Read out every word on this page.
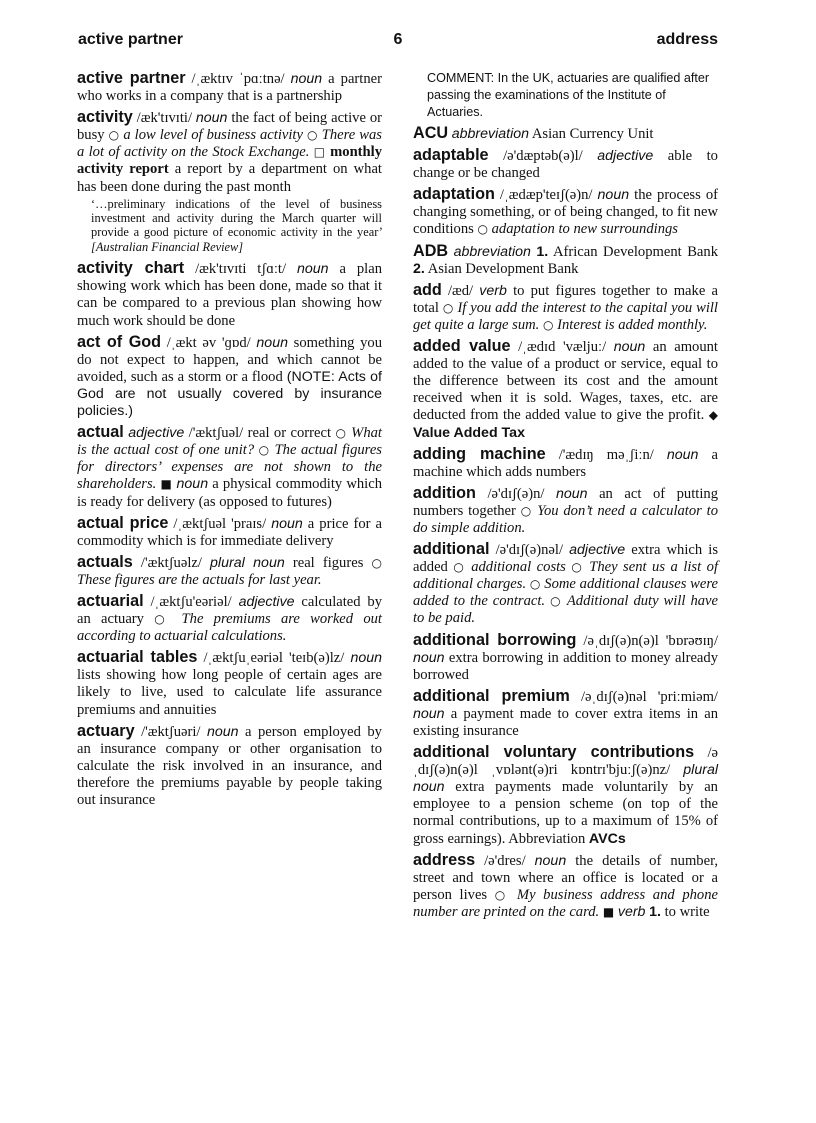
active partner	6	address

active partner /ˌæktɪv ˈpɑːtnə/ noun a partner who works in a company that is a partnership

activity /æk'tɪvɪti/ noun the fact of being active or busy ○ a low level of business activity ○ There was a lot of activity on the Stock Exchange. □ monthly activity report a report by a department on what has been done during the past month

‘…preliminary indications of the level of business investment and activity during the March quarter will provide a good picture of economic activity in the year’ [Australian Financial Review]

activity chart /æk'tɪvɪti tʃɑːt/ noun a plan showing work which has been done, made so that it can be compared to a previous plan showing how much work should be done

act of God /ˌækt əv 'ɡɒd/ noun something you do not expect to happen, and which cannot be avoided, such as a storm or a flood (NOTE: Acts of God are not usually covered by insurance policies.)

actual adjective /'æktʃuəl/ real or correct ○ What is the actual cost of one unit? ○ The actual figures for directors’ expenses are not shown to the shareholders. ■ noun a physical commodity which is ready for delivery (as opposed to futures)

actual price /ˌæktʃuəl 'praɪs/ noun a price for a commodity which is for immediate delivery

actuals /'æktʃuəlz/ plural noun real figures ○ These figures are the actuals for last year.

actuarial /ˌæktʃu'eəriəl/ adjective calculated by an actuary ○ The premiums are worked out according to actuarial calculations.

actuarial tables /ˌæktʃuˌeəriəl 'teɪb(ə)lz/ noun lists showing how long people of certain ages are likely to live, used to calculate life assurance premiums and annuities

actuary /'æktʃuəri/ noun a person employed by an insurance company or other organisation to calculate the risk involved in an insurance, and therefore the premiums payable by people taking out insurance

COMMENT: In the UK, actuaries are qualified after passing the examinations of the Institute of Actuaries.

ACU abbreviation Asian Currency Unit

adaptable /ə'dæptəb(ə)l/ adjective able to change or be changed

adaptation /ˌædæp'teɪʃ(ə)n/ noun the process of changing something, or of being changed, to fit new conditions ○ adaptation to new surroundings

ADB abbreviation 1. African Development Bank 2. Asian Development Bank

add /æd/ verb to put figures together to make a total ○ If you add the interest to the capital you will get quite a large sum. ○ Interest is added monthly.

added value /ˌædɪd 'væljuː/ noun an amount added to the value of a product or service, equal to the difference between its cost and the amount received when it is sold. Wages, taxes, etc. are deducted from the added value to give the profit. ◆ Value Added Tax

adding machine /'ædɪŋ məˌʃiːn/ noun a machine which adds numbers

addition /ə'dɪʃ(ə)n/ noun an act of putting numbers together ○ You don’t need a calculator to do simple addition.

additional /ə'dɪʃ(ə)nəl/ adjective extra which is added ○ additional costs ○ They sent us a list of additional charges. ○ Some additional clauses were added to the contract. ○ Additional duty will have to be paid.

additional borrowing /əˌdɪʃ(ə)n(ə)l 'bɒrəʊɪŋ/ noun extra borrowing in addition to money already borrowed

additional premium /əˌdɪʃ(ə)nəl 'priːmiəm/ noun a payment made to cover extra items in an existing insurance

additional voluntary contributions /əˌdɪʃ(ə)n(ə)l ˌvɒlənt(ə)ri kɒntrɪ'bjuːʃ(ə)nz/ plural noun extra payments made voluntarily by an employee to a pension scheme (on top of the normal contributions, up to a maximum of 15% of gross earnings). Abbreviation AVCs

address /ə'dres/ noun the details of number, street and town where an office is located or a person lives ○ My business address and phone number are printed on the card. ■ verb 1. to write
